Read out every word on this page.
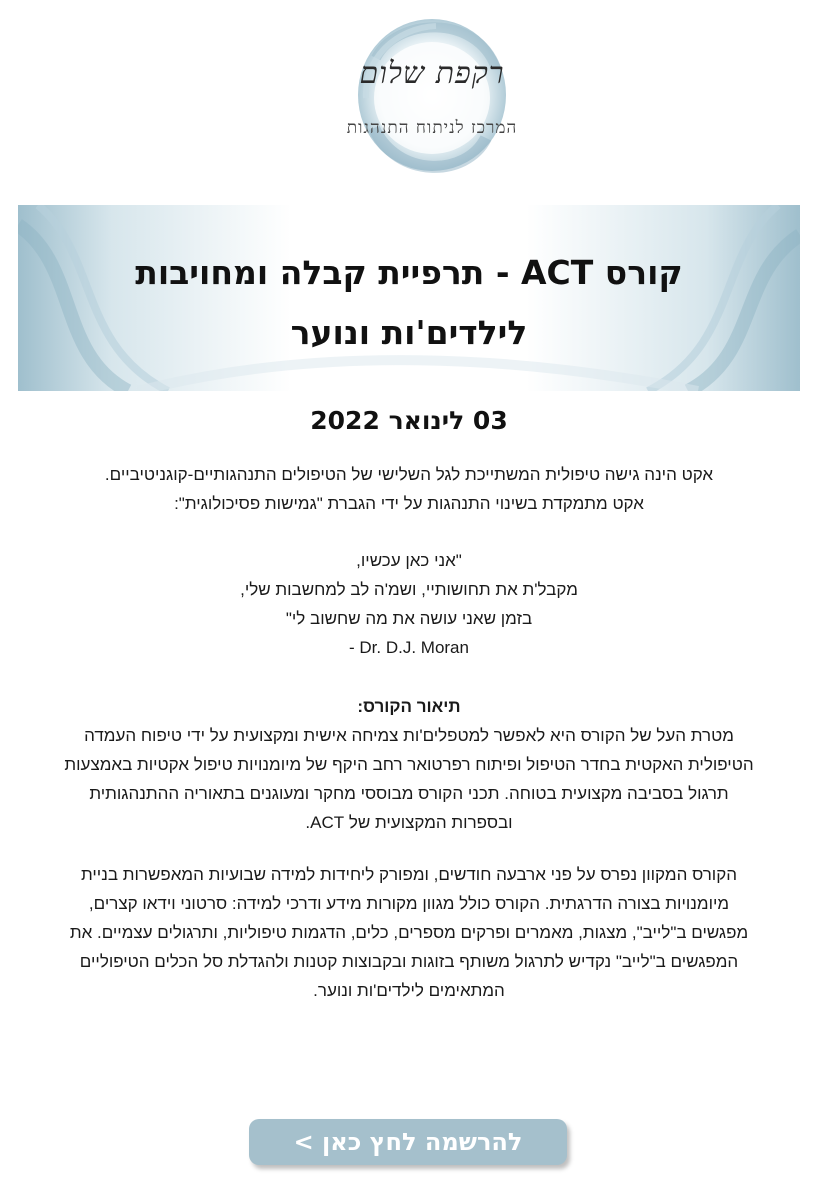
רקפת שלום
המרכז לניתוח התנהגות
קורס ACT - תרפיית קבלה ומחויבות
לילדים'ות ונוער
03 לינואר 2022
אקט הינה גישה טיפולית המשתייכת לגל השלישי של הטיפולים התנהגותיים-קוגניטיביים.
אקט מתמקדת בשינוי התנהגות על ידי הגברת "גמישות פסיכולוגית":
"אני כאן עכשיו,
מקבל'ת את תחושותיי, ושמ'ה לב למחשבות שלי,
בזמן שאני עושה את מה שחשוב לי"
Dr. D.J. Moran -
תיאור הקורס:
מטרת העל של הקורס היא לאפשר למטפלים'ות צמיחה אישית ומקצועית על ידי טיפוח העמדה
הטיפולית האקטית בחדר הטיפול ופיתוח רפרטואר רחב היקף של מיומנויות טיפול אקטיות באמצעות
תרגול בסביבה מקצועית בטוחה. תכני הקורס מבוססי מחקר ומעוגנים בתאוריה ההתנהגותית
ובספרות המקצועית של ACT.
הקורס המקוון נפרס על פני ארבעה חודשים, ומפורק ליחידות למידה שבועיות המאפשרות בניית
מיומנויות בצורה הדרגתית. הקורס כולל מגוון מקורות מידע ודרכי למידה: סרטוני וידאו קצרים,
מפגשים ב"לייב", מצגות, מאמרים ופרקים מספרים, כלים, הדגמות טיפוליות, ותרגולים עצמיים. את
המפגשים ב"לייב" נקדיש לתרגול משותף בזוגות ובקבוצות קטנות ולהגדלת סל הכלים הטיפוליים
המתאימים לילדים'ות ונוער.
להרשמה לחץ כאן >
